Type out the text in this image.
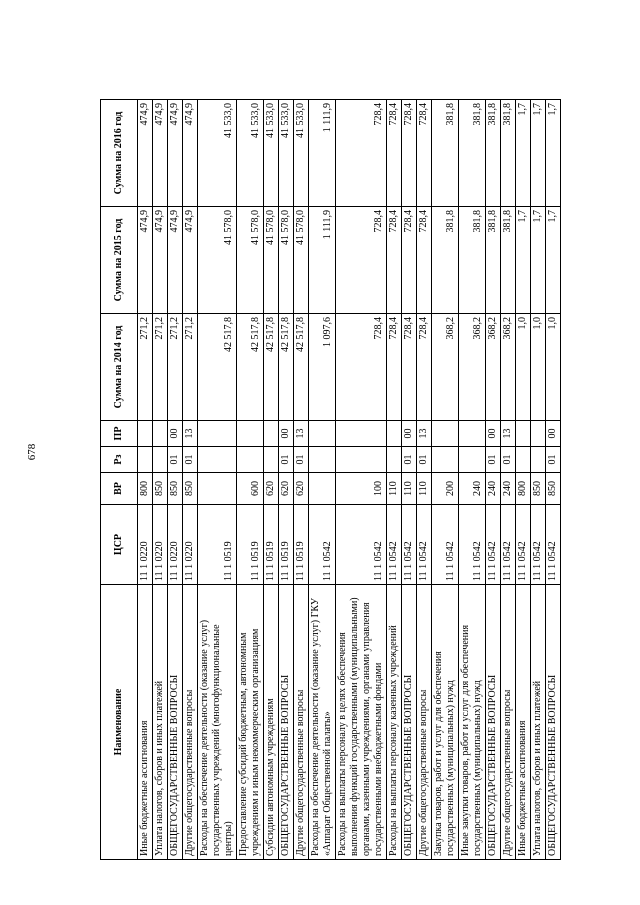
678
Наименование	ЦСР	ВР	Рз	ПР	Сумма на 2014 год	Сумма на 2015 год	Сумма на 2016 год
Иные бюджетные ассигнования	11 1 0220	800			271,2	474,9	474,9
Уплата налогов, сборов и иных платежей	11 1 0220	850			271,2	474,9	474,9
ОБЩЕГОСУДАРСТВЕННЫЕ ВОПРОСЫ	11 1 0220	850	01	00	271,2	474,9	474,9
Другие общегосударственные вопросы	11 1 0220	850	01	13	271,2	474,9	474,9
Расходы на обеспечение деятельности (оказание услуг) государственных учреждений (многофункциональные центры)	11 1 0519				42 517,8	41 578,0	41 533,0
Предоставление субсидий бюджетным, автономным учреждениям и иным некоммерческим организациям	11 1 0519	600			42 517,8	41 578,0	41 533,0
Субсидии автономным учреждениям	11 1 0519	620			42 517,8	41 578,0	41 533,0
ОБЩЕГОСУДАРСТВЕННЫЕ ВОПРОСЫ	11 1 0519	620	01	00	42 517,8	41 578,0	41 533,0
Другие общегосударственные вопросы	11 1 0519	620	01	13	42 517,8	41 578,0	41 533,0
Расходы на обеспечение деятельности (оказание услуг) ГКУ «Аппарат Общественной палаты»	11 1 0542				1 097,6	1 111,9	1 111,9
Расходы на выплаты персоналу в целях обеспечения выполнения функций государственными (муниципальными) органами, казенными учреждениями, органами управления государственными внебюджетными фондами	11 1 0542	100			728,4	728,4	728,4
Расходы на выплаты персоналу казенных учреждений	11 1 0542	110			728,4	728,4	728,4
ОБЩЕГОСУДАРСТВЕННЫЕ ВОПРОСЫ	11 1 0542	110	01	00	728,4	728,4	728,4
Другие общегосударственные вопросы	11 1 0542	110	01	13	728,4	728,4	728,4
Закупка товаров, работ и услуг для обеспечения государственных (муниципальных) нужд	11 1 0542	200			368,2	381,8	381,8
Иные закупки товаров, работ и услуг для обеспечения государственных (муниципальных) нужд	11 1 0542	240			368,2	381,8	381,8
ОБЩЕГОСУДАРСТВЕННЫЕ ВОПРОСЫ	11 1 0542	240	01	00	368,2	381,8	381,8
Другие общегосударственные вопросы	11 1 0542	240	01	13	368,2	381,8	381,8
Иные бюджетные ассигнования	11 1 0542	800			1,0	1,7	1,7
Уплата налогов, сборов и иных платежей	11 1 0542	850			1,0	1,7	1,7
ОБЩЕГОСУДАРСТВЕННЫЕ ВОПРОСЫ	11 1 0542	850	01	00	1,0	1,7	1,7
